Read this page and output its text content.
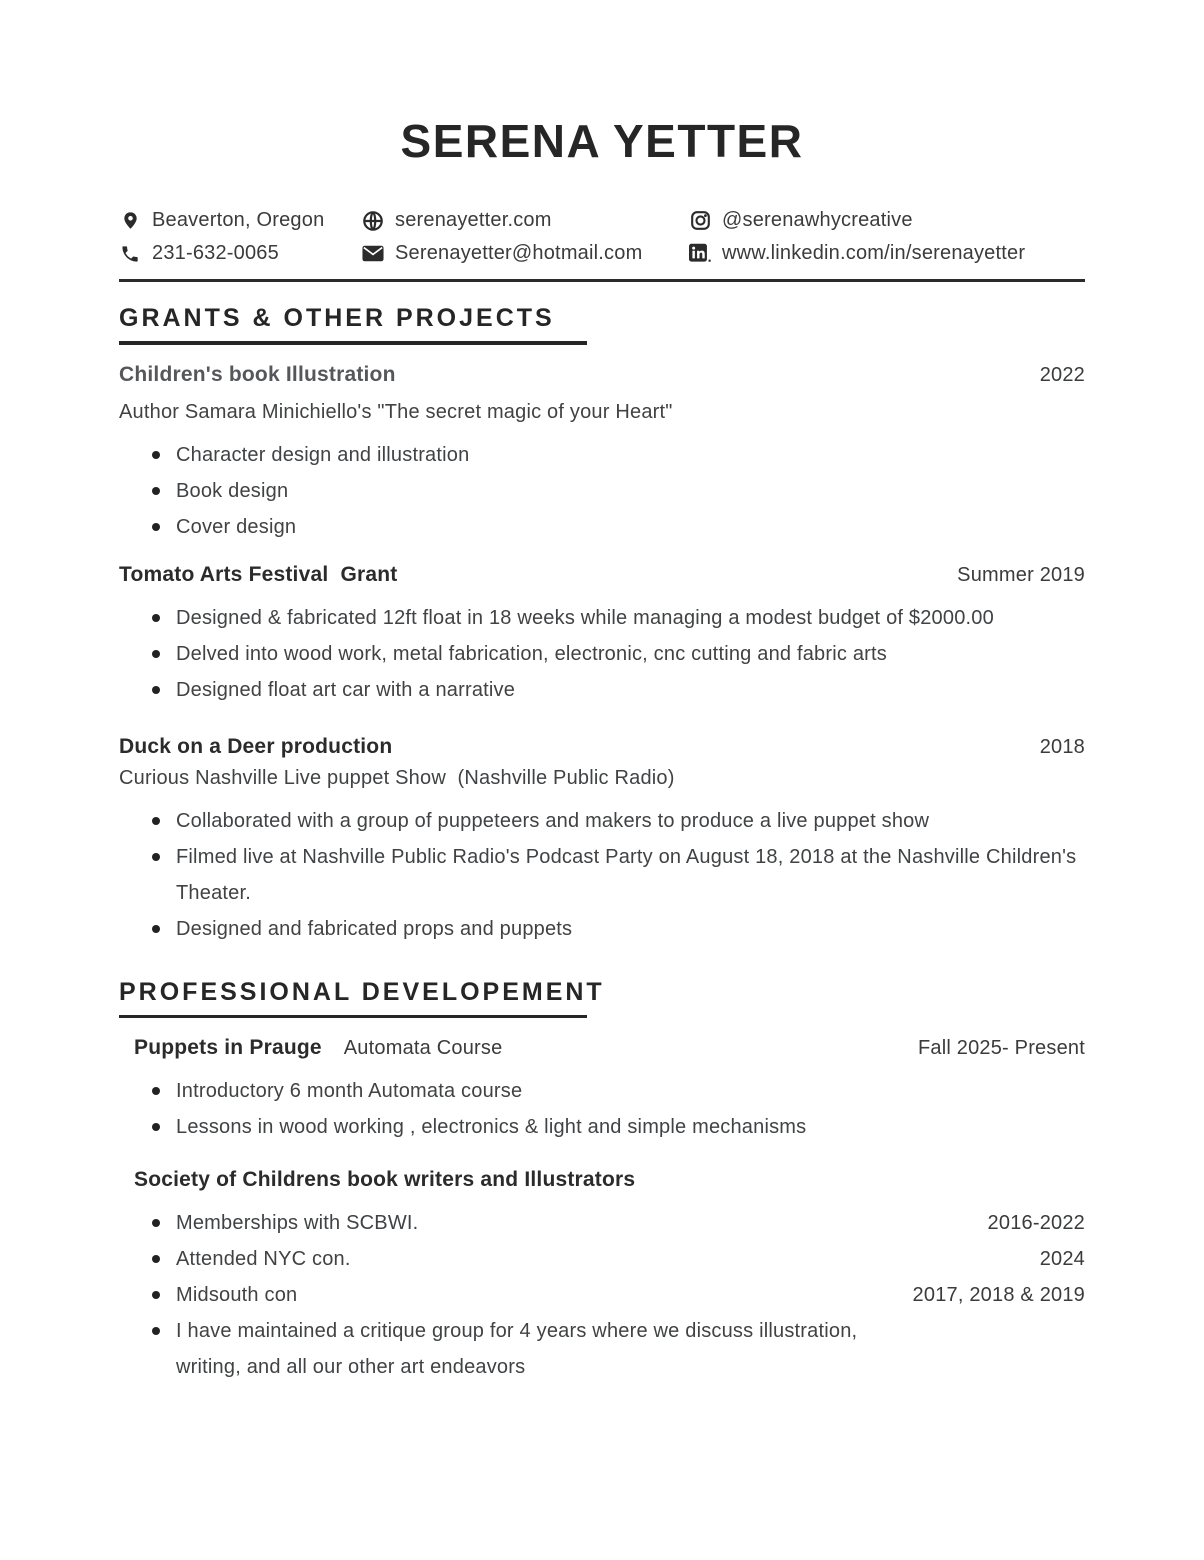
SERENA YETTER
Beaverton, Oregon	serenayetter.com	@serenawhycreative
231-632-0065	Serenayetter@hotmail.com	www.linkedin.com/in/serenayetter
GRANTS & OTHER PROJECTS
Children's book Illustration	2022
Author Samara Minichiello's "The secret magic of your Heart"
Character design and illustration
Book design
Cover design
Tomato Arts Festival  Grant	Summer 2019
Designed & fabricated 12ft float in 18 weeks while managing a modest budget of $2000.00
Delved into wood work, metal fabrication, electronic, cnc cutting and fabric arts
Designed float art car with a narrative
Duck on a Deer production	2018
Curious Nashville Live puppet Show  (Nashville Public Radio)
Collaborated with a group of puppeteers and makers to produce a live puppet show
Filmed live at Nashville Public Radio's Podcast Party on August 18, 2018 at the Nashville Children's Theater.
Designed and fabricated props and puppets
PROFESSIONAL DEVELOPEMENT
Puppets in Prauge Automata Course	Fall 2025- Present
Introductory 6 month Automata course
Lessons in wood working , electronics & light and simple mechanisms
Society of Childrens book writers and Illustrators
Memberships with SCBWI.	2016-2022
Attended NYC con.	2024
Midsouth con	2017, 2018 & 2019
I have maintained a critique group for 4 years where we discuss illustration, writing, and all our other art endeavors
